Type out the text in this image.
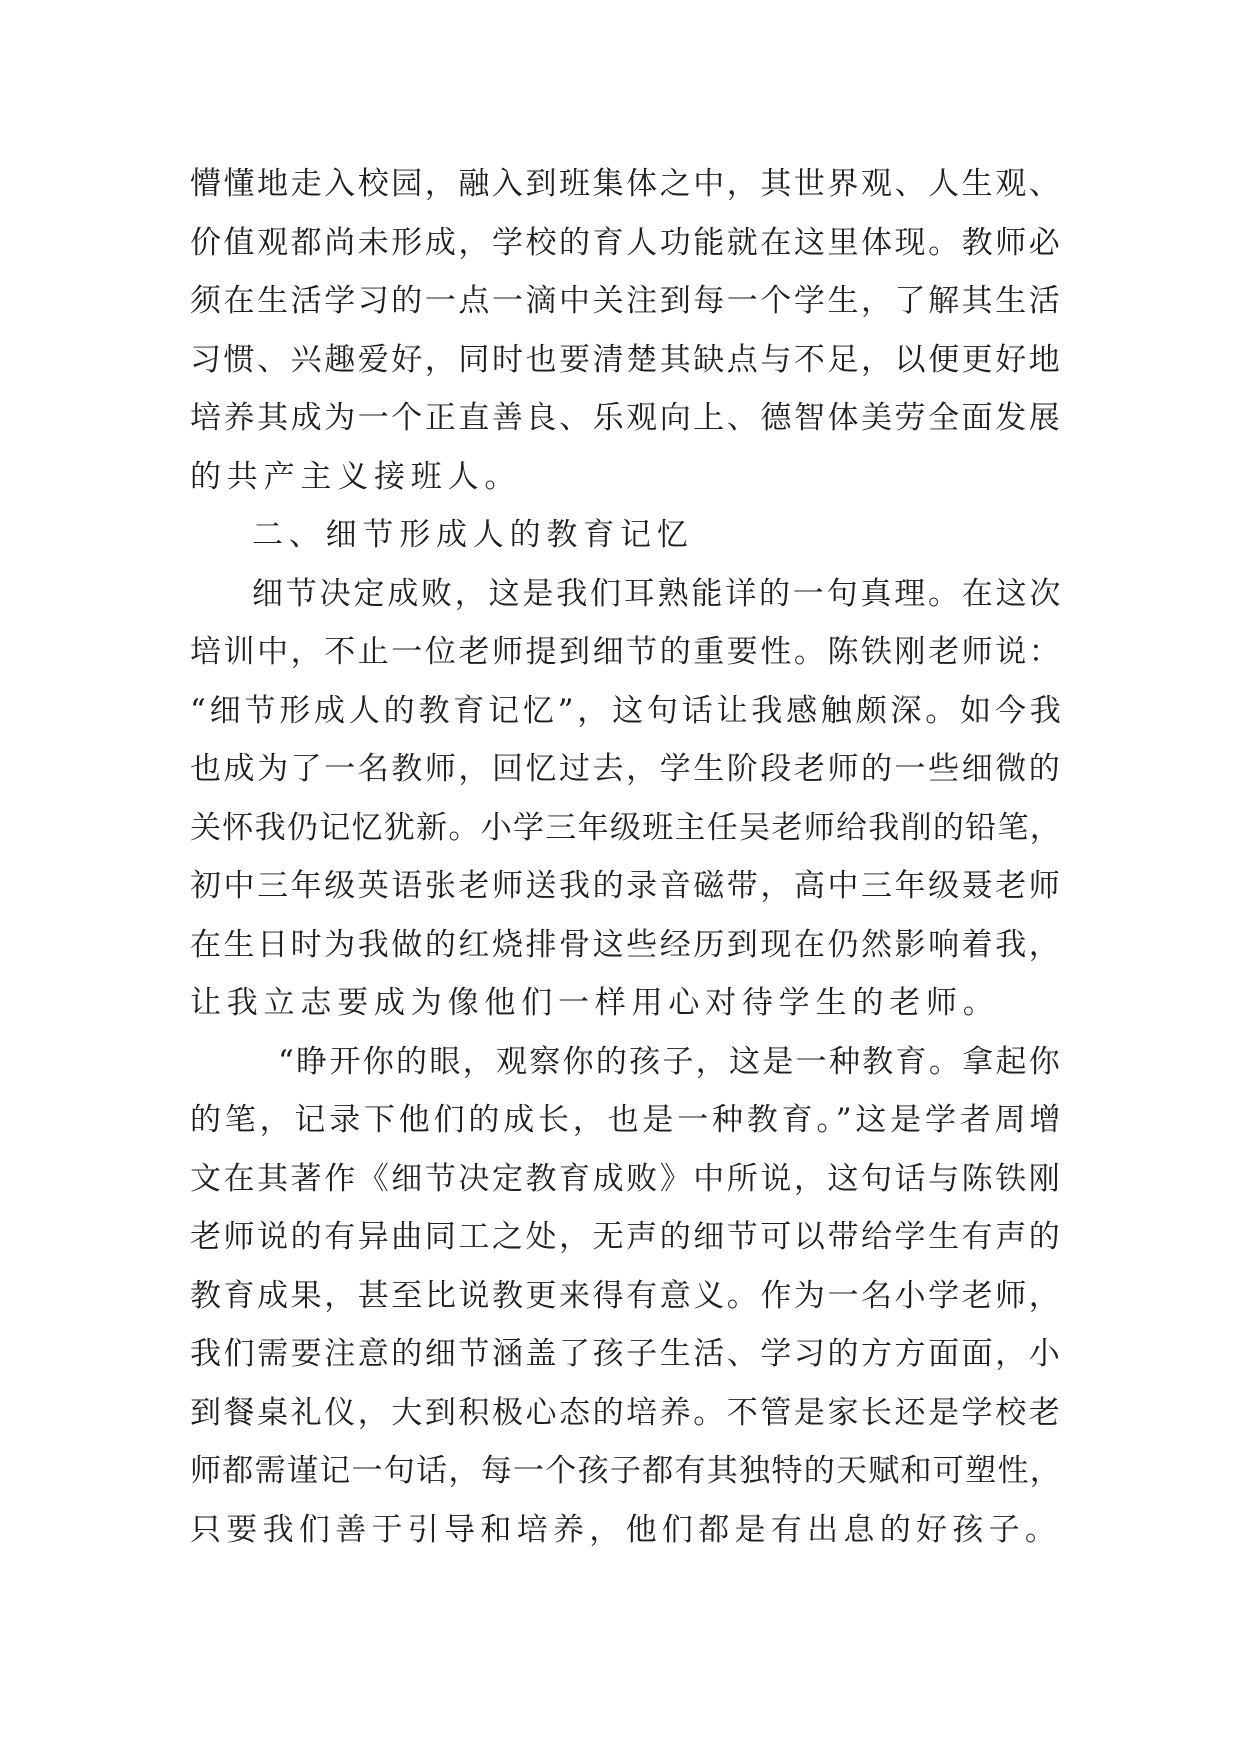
懵懂地走入校园，融入到班集体之中，其世界观、人生观、
价值观都尚未形成，学校的育人功能就在这里体现。教师必
须在生活学习的一点一滴中关注到每一个学生，了解其生活
习惯、兴趣爱好，同时也要清楚其缺点与不足，以便更好地
培养其成为一个正直善良、乐观向上、德智体美劳全面发展
的共产主义接班人。
二、细节形成人的教育记忆
细节决定成败，这是我们耳熟能详的一句真理。在这次
培训中，不止一位老师提到细节的重要性。陈铁刚老师说：
“细节形成人的教育记忆”，这句话让我感触颇深。如今我
也成为了一名教师，回忆过去，学生阶段老师的一些细微的
关怀我仍记忆犹新。小学三年级班主任吴老师给我削的铅笔，
初中三年级英语张老师送我的录音磁带，高中三年级聂老师
在生日时为我做的红烧排骨这些经历到现在仍然影响着我，
让我立志要成为像他们一样用心对待学生的老师。
“睁开你的眼，观察你的孩子，这是一种教育。拿起你
的笔，记录下他们的成长，也是一种教育。”这是学者周增
文在其著作《细节决定教育成败》中所说，这句话与陈铁刚
老师说的有异曲同工之处，无声的细节可以带给学生有声的
教育成果，甚至比说教更来得有意义。作为一名小学老师，
我们需要注意的细节涵盖了孩子生活、学习的方方面面，小
到餐桌礼仪，大到积极心态的培养。不管是家长还是学校老
师都需谨记一句话，每一个孩子都有其独特的天赋和可塑性，
只要我们善于引导和培养，他们都是有出息的好孩子。
